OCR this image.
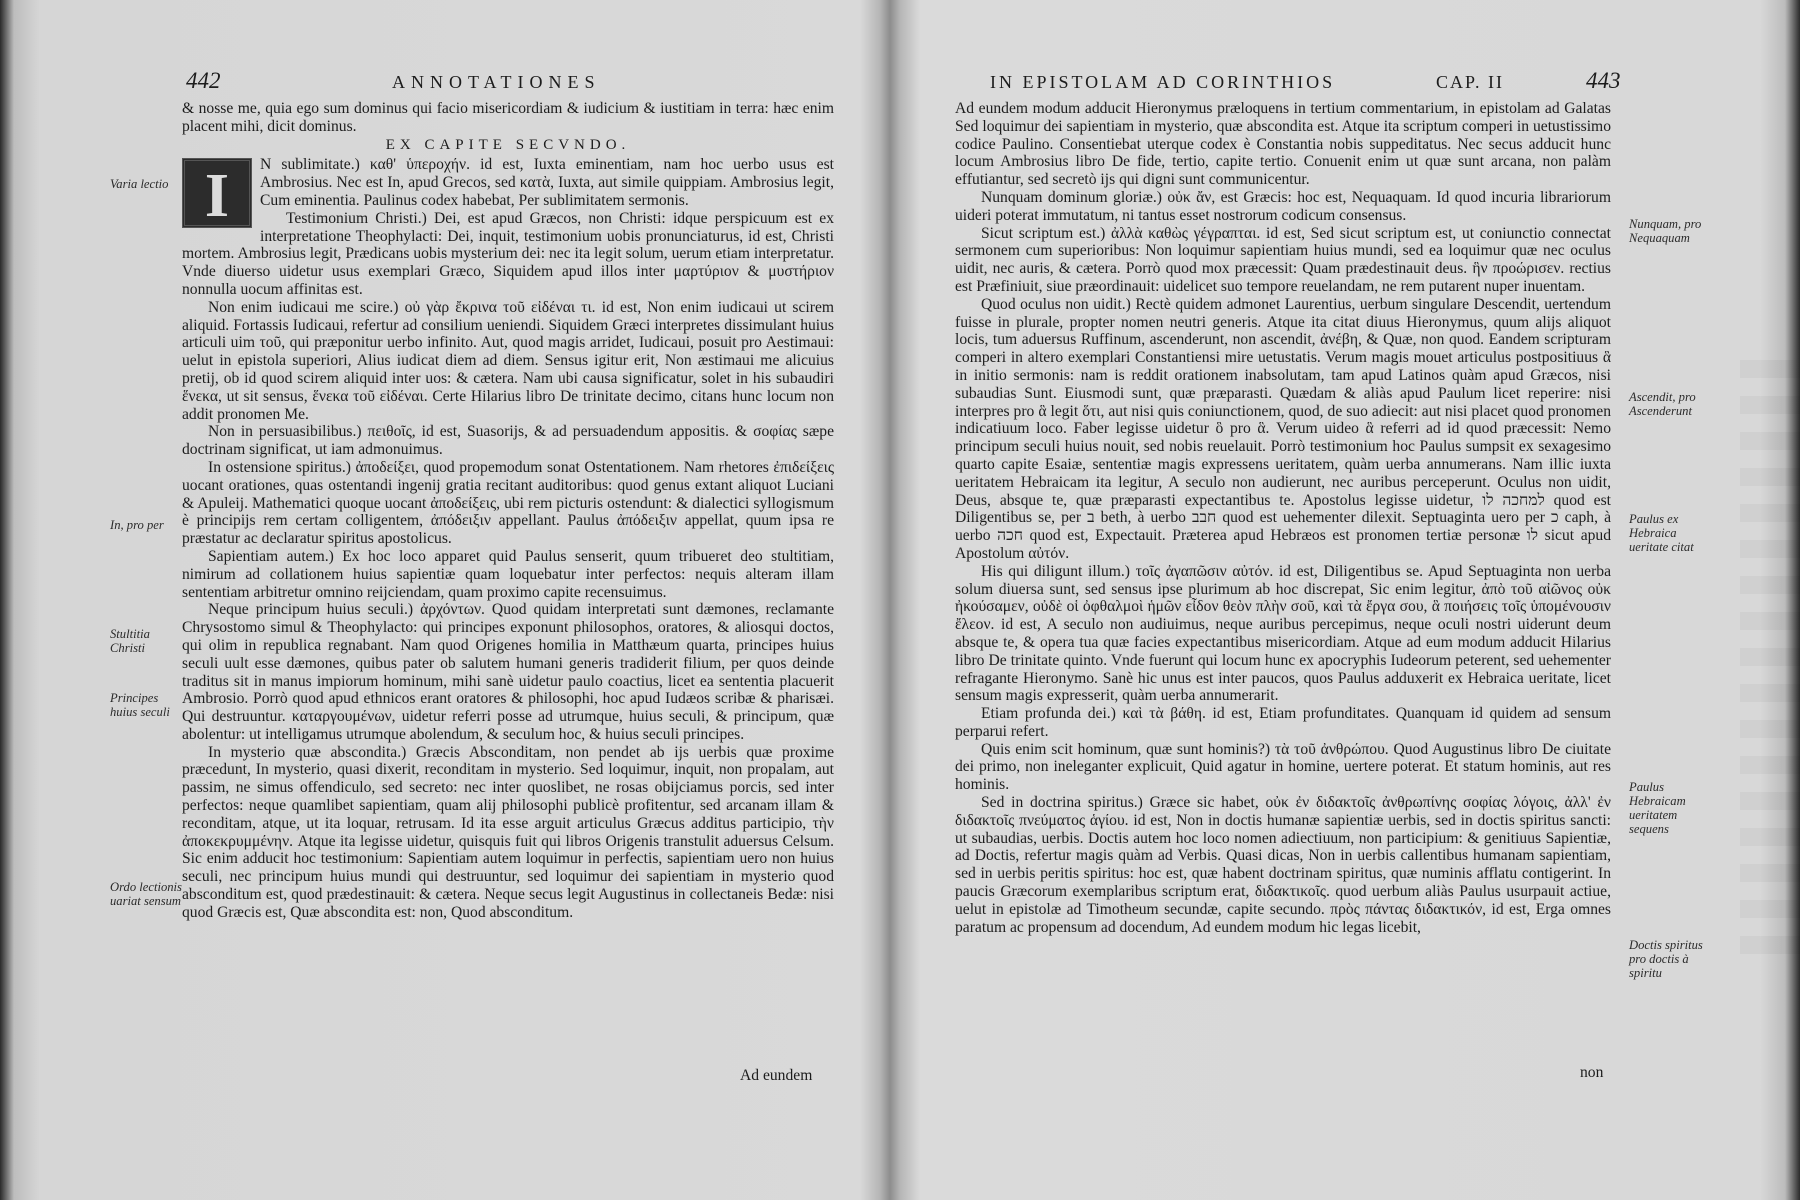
442	ANNOTATIONES

& nosse me, quia ego sum dominus qui facio misericordiam & iudicium & iustitiam in terra: hæc enim placent mihi, dicit dominus.

EX CAPITE SECVNDO.
I	N sublimitate.) καθ' ὑπεροχήν. id est, Iuxta eminentiam, nam hoc uerbo usus est Ambrosius. Nec est In, apud Grecos, sed κατὰ, Iuxta, aut simile quippiam. Ambrosius legit, Cum eminentia. Paulinus codex habebat, Per sublimitatem sermonis.

Testimonium Christi.) Dei, est apud Græcos, non Christi: idque perspicuum est ex interpretatione Theophylacti: Dei, inquit, testimonium uobis pronunciaturus, id est, Christi mortem. Ambrosius legit, Prædicans uobis mysterium dei: nec ita legit solum, uerum etiam interpretatur. Vnde diuerso uidetur usus exemplari Græco, Siquidem apud illos inter μαρτύριον & μυστήριον nonnulla uocum affinitas est.

Non enim iudicaui me scire.) οὐ γὰρ ἔκρινα τοῦ εἰδέναι τι. id est, Non enim iudicaui ut scirem aliquid. Fortassis Iudicaui, refertur ad consilium ueniendi. Siquidem Græci interpretes dissimulant huius articuli uim τοῦ, qui præponitur uerbo infinito. Aut, quod magis arridet, Iudicaui, posuit pro Aestimaui: uelut in epistola superiori, Alius iudicat diem ad diem. Sensus igitur erit, Non æstimaui me alicuius pretij, ob id quod scirem aliquid inter uos: & cætera. Nam ubi causa significatur, solet in his subaudiri ἕνεκα, ut sit sensus, ἕνεκα τοῦ εἰδέναι. Certe Hilarius libro De trinitate decimo, citans hunc locum non addit pronomen Me.

Non in persuasibilibus.) πειθοῖς, id est, Suasorijs, & ad persuadendum appositis. & σοφίας sæpe doctrinam significat, ut iam admonuimus.

In ostensione spiritus.) ἀποδείξει, quod propemodum sonat Ostentationem. Nam rhetores ἐπιδείξεις uocant orationes, quas ostentandi ingenij gratia recitant auditoribus: quod genus extant aliquot Luciani & Apuleij. Mathematici quoque uocant ἀποδείξεις, ubi rem picturis ostendunt: & dialectici syllogismum è principijs rem certam colligentem, ἀπόδειξιν appellant. Paulus ἀπόδειξιν appellat, quum ipsa re præstatur ac declaratur spiritus apostolicus.

Sapientiam autem.) Ex hoc loco apparet quid Paulus senserit, quum tribueret deo stultitiam, nimirum ad collationem huius sapientiæ quam loquebatur inter perfectos: nequis alteram illam sententiam arbitretur omnino reijciendam, quam proximo capite recensuimus.

Neque principum huius seculi.) ἀρχόντων. Quod quidam interpretati sunt dæmones, reclamante Chrysostomo simul & Theophylacto: qui principes exponunt philosophos, oratores, & aliosqui doctos, qui olim in republica regnabant. Nam quod Origenes homilia in Matthæum quarta, principes huius seculi uult esse dæmones, quibus pater ob salutem humani generis tradiderit filium, per quos deinde traditus sit in manus impiorum hominum, mihi sanè uidetur paulo coactius, licet ea sententia placuerit Ambrosio. Porrò quod apud ethnicos erant oratores & philosophi, hoc apud Iudæos scribæ & pharisæi. Qui destruuntur. καταργουμένων, uidetur referri posse ad utrumque, huius seculi, & principum, quæ abolentur: ut intelligamus utrumque abolendum, & seculum hoc, & huius seculi principes.

In mysterio quæ abscondita.) Græcis Absconditam, non pendet ab ijs uerbis quæ proxime præcedunt, In mysterio, quasi dixerit, reconditam in mysterio. Sed loquimur, inquit, non propalam, aut passim, ne simus offendiculo, sed secreto: nec inter quoslibet, ne rosas obijciamus porcis, sed inter perfectos: neque quamlibet sapientiam, quam alij philosophi publicè profitentur, sed arcanam illam & reconditam, atque, ut ita loquar, retrusam. Id ita esse arguit articulus Græcus additus participio, τὴν ἀποκεκρυμμένην. Atque ita legisse uidetur, quisquis fuit qui libros Origenis transtulit aduersus Celsum. Sic enim adducit hoc testimonium: Sapientiam autem loquimur in perfectis, sapientiam uero non huius seculi, nec principum huius mundi qui destruuntur, sed loquimur dei sapientiam in mysterio quod absconditum est, quod prædestinauit: & cætera. Neque secus legit Augustinus in collectaneis Bedæ: nisi quod Græcis est, Quæ abscondita est: non, Quod absconditum.

Varia lectio
In, pro per
Stultitia Christi
Principes huius seculi
Ordo lectionis uariat sensum
Ad eundem
IN EPISTOLAM AD CORINTHIOS	CAP. II	443

Ad eundem modum adducit Hieronymus præloquens in tertium commentarium, in epistolam ad Galatas Sed loquimur dei sapientiam in mysterio, quæ abscondita est. Atque ita scriptum comperi in uetustissimo codice Paulino. Consentiebat uterque codex è Constantia nobis suppeditatus. Nec secus adducit hunc locum Ambrosius libro De fide, tertio, capite tertio. Conuenit enim ut quæ sunt arcana, non palàm effutiantur, sed secretò ijs qui digni sunt communicentur.

Nunquam dominum gloriæ.) οὐκ ἄν, est Græcis: hoc est, Nequaquam. Id quod incuria librariorum uideri poterat immutatum, ni tantus esset nostrorum codicum consensus.

Sicut scriptum est.) ἀλλὰ καθὼς γέγραπται. id est, Sed sicut scriptum est, ut coniunctio connectat sermonem cum superioribus: Non loquimur sapientiam huius mundi, sed ea loquimur quæ nec oculus uidit, nec auris, & cætera. Porrò quod mox præcessit: Quam prædestinauit deus. ἣν προώρισεν. rectius est Præfiniuit, siue præordinauit: uidelicet suo tempore reuelandam, ne rem putarent nuper inuentam.

Quod oculus non uidit.) Rectè quidem admonet Laurentius, uerbum singulare Descendit, uertendum fuisse in plurale, propter nomen neutri generis. Atque ita citat diuus Hieronymus, quum alijs aliquot locis, tum aduersus Ruffinum, ascenderunt, non ascendit, ἀνέβη, & Quæ, non quod. Eandem scripturam comperi in altero exemplari Constantiensi mire uetustatis. Verum magis mouet articulus postpositiuus ἃ in initio sermonis: nam is reddit orationem inabsolutam, tam apud Latinos quàm apud Græcos, nisi subaudias Sunt. Eiusmodi sunt, quæ præparasti. Quædam & aliàs apud Paulum licet reperire: nisi interpres pro ἃ legit ὅτι, aut nisi quis coniunctionem, quod, de suo adiecit: aut nisi placet quod pronomen indicatiuum loco. Faber legisse uidetur ὃ pro ἃ. Verum uideo ἃ referri ad id quod præcessit: Nemo principum seculi huius nouit, sed nobis reuelauit. Porrò testimonium hoc Paulus sumpsit ex sexagesimo quarto capite Esaiæ, sententiæ magis expressens ueritatem, quàm uerba annumerans. Nam illic iuxta ueritatem Hebraicam ita legitur, A seculo non audierunt, nec auribus perceperunt. Oculus non uidit, Deus, absque te, quæ præparasti expectantibus te. Apostolus legisse uidetur, למחכה לו quod est Diligentibus se, per ב beth, à uerbo חבב quod est uehementer dilexit. Septuaginta uero per כ caph, à uerbo חכה quod est, Expectauit. Præterea apud Hebræos est pronomen tertiæ personæ לו sicut apud Apostolum αὐτόν.

His qui diligunt illum.) τοῖς ἀγαπῶσιν αὐτόν. id est, Diligentibus se. Apud Septuaginta non uerba solum diuersa sunt, sed sensus ipse plurimum ab hoc discrepat, Sic enim legitur, ἀπὸ τοῦ αἰῶνος οὐκ ἠκούσαμεν, οὐδὲ οἱ ὀφθαλμοὶ ἡμῶν εἶδον θεὸν πλὴν σοῦ, καὶ τὰ ἔργα σου, ἃ ποιήσεις τοῖς ὑπομένουσιν ἔλεον. id est, A seculo non audiuimus, neque auribus percepimus, neque oculi nostri uiderunt deum absque te, & opera tua quæ facies expectantibus misericordiam. Atque ad eum modum adducit Hilarius libro De trinitate quinto. Vnde fuerunt qui locum hunc ex apocryphis Iudeorum peterent, sed uehementer refragante Hieronymo. Sanè hic unus est inter paucos, quos Paulus adduxerit ex Hebraica ueritate, licet sensum magis expresserit, quàm uerba annumerarit.

Etiam profunda dei.) καὶ τὰ βάθη. id est, Etiam profunditates. Quanquam id quidem ad sensum perparui refert.

Quis enim scit hominum, quæ sunt hominis?) τὰ τοῦ ἀνθρώπου. Quod Augustinus libro De ciuitate dei primo, non ineleganter explicuit, Quid agatur in homine, uertere poterat. Et statum hominis, aut res hominis.

Sed in doctrina spiritus.) Græce sic habet, οὐκ ἐν διδακτοῖς ἀνθρωπίνης σοφίας λόγοις, ἀλλ' ἐν διδακτοῖς πνεύματος ἁγίου. id est, Non in doctis humanæ sapientiæ uerbis, sed in doctis spiritus sancti: ut subaudias, uerbis. Doctis autem hoc loco nomen adiectiuum, non participium: & genitiuus Sapientiæ, ad Doctis, refertur magis quàm ad Verbis. Quasi dicas, Non in uerbis callentibus humanam sapientiam, sed in uerbis peritis spiritus: hoc est, quæ habent doctrinam spiritus, quæ numinis afflatu contigerint. In paucis Græcorum exemplaribus scriptum erat, διδακτικοῖς. quod uerbum aliàs Paulus usurpauit actiue, uelut in epistolæ ad Timotheum secundæ, capite secundo. πρὸς πάντας διδακτικόν, id est, Erga omnes paratum ac propensum ad docendum, Ad eundem modum hic legas licebit,

Nunquam, pro Nequaquam
Ascendit, pro Ascenderunt
Paulus ex Hebraica ueritate citat
Paulus Hebraicam ueritatem sequens
Doctis spiritus pro doctis à spiritu
non
